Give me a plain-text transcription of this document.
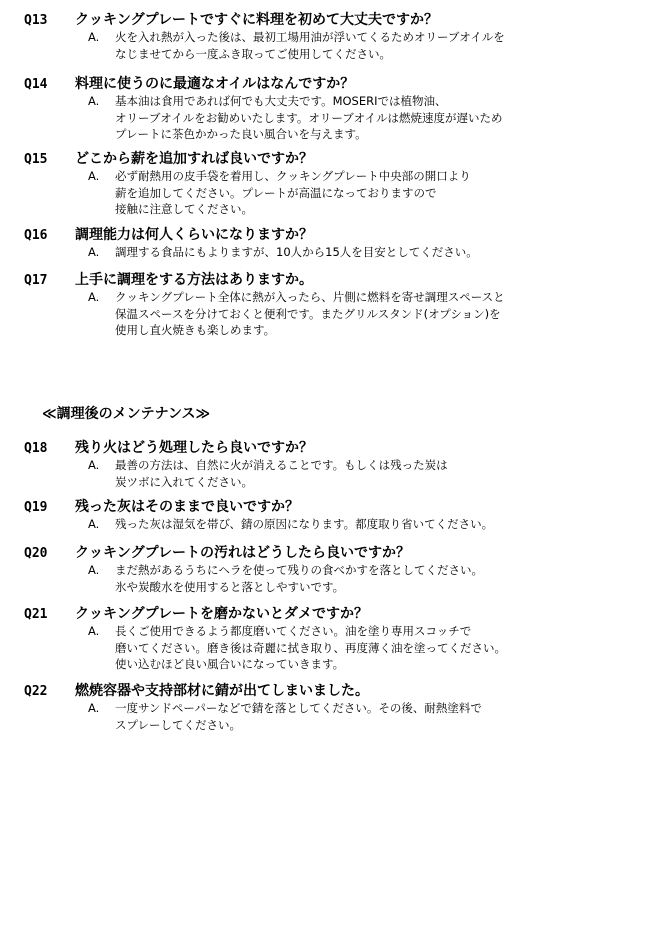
Q13 クッキングプレートですぐに料理を初めて大丈夫ですか？
A. 火を入れ熱が入った後は、最初工場用油が浮いてくるためオリーブオイルを
なじませてから一度ふき取ってご使用してください。
Q14 料理に使うのに最適なオイルはなんですか？
A. 基本油は食用であれば何でも大丈夫です。MOSERIでは植物油、
オリーブオイルをお勧めいたします。オリーブオイルは燃焼速度が遅いため
プレートに茶色かかった良い風合いを与えます。
Q15 どこから薪を追加すれば良いですか？
A. 必ず耐熱用の皮手袋を着用し、クッキングプレート中央部の開口より
薪を追加してください。プレートが高温になっておりますので
接触に注意してください。
Q16 調理能力は何人くらいになりますか？
A. 調理する食品にもよりますが、10人から15人を目安としてください。
Q17 上手に調理をする方法はありますか。
A. クッキングプレート全体に熱が入ったら、片側に燃料を寄せ調理スペースと
保温スペースを分けておくと便利です。またグリルスタンド(オプション)を
使用し直火焼きも楽しめます。
≪調理後のメンテナンス≫
Q18 残り火はどう処理したら良いですか？
A. 最善の方法は、自然に火が消えることです。もしくは残った炭は
炭ツボに入れてください。
Q19 残った灰はそのままで良いですか？
A. 残った灰は湿気を帯び、錆の原因になります。都度取り省いてください。
Q20 クッキングプレートの汚れはどうしたら良いですか？
A. まだ熱があるうちにヘラを使って残りの食べかすを落としてください。
氷や炭酸水を使用すると落としやすいです。
Q21 クッキングプレートを磨かないとダメですか？
A. 長くご使用できるよう都度磨いてください。油を塗り専用スコッチで
磨いてください。磨き後は奇麗に拭き取り、再度薄く油を塗ってください。
使い込むほど良い風合いになっていきます。
Q22 燃焼容器や支持部材に錆が出てしまいました。
A. 一度サンドペーパーなどで錆を落としてください。その後、耐熱塗料で
スプレーしてください。
